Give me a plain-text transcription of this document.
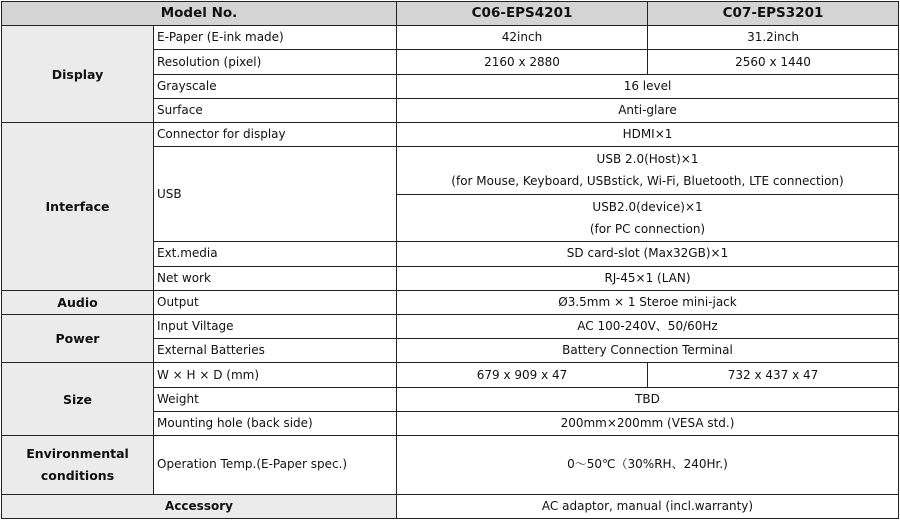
Model No.		C06-EPS4201	C07-EPS3201
Display	E-Paper (E-ink made)	42inch	31.2inch
	Resolution (pixel)	2160 x 2880	2560 x 1440
	Grayscale	16 level	
	Surface	Anti-glare	
Interface	Connector for display	HDMI×1	
	USB	USB 2.0(Host)×1
(for Mouse, Keyboard, USBstick, Wi-Fi, Bluetooth, LTE connection)	

		USB2.0(device)×1
(for PC connection)	

	Ext.media	SD card-slot (Max32GB)×1	
	Net work	RJ-45×1 (LAN)	
Audio	Output	Ø3.5mm × 1 Steroe mini-jack	
Power	Input Viltage	AC 100-240V、50/60Hz	
	External Batteries	Battery Connection Terminal	
Size	W × H × D (mm)	679 x 909 x 47	732 x 437 x 47
	Weight	TBD	
	Mounting hole (back side)	200mm×200mm (VESA std.)	

Environmental
conditions	Operation Temp.(E-Paper spec.)	0～50℃（30%RH、240Hr.)	
Accessory		AC adaptor, manual (incl.warranty)	
